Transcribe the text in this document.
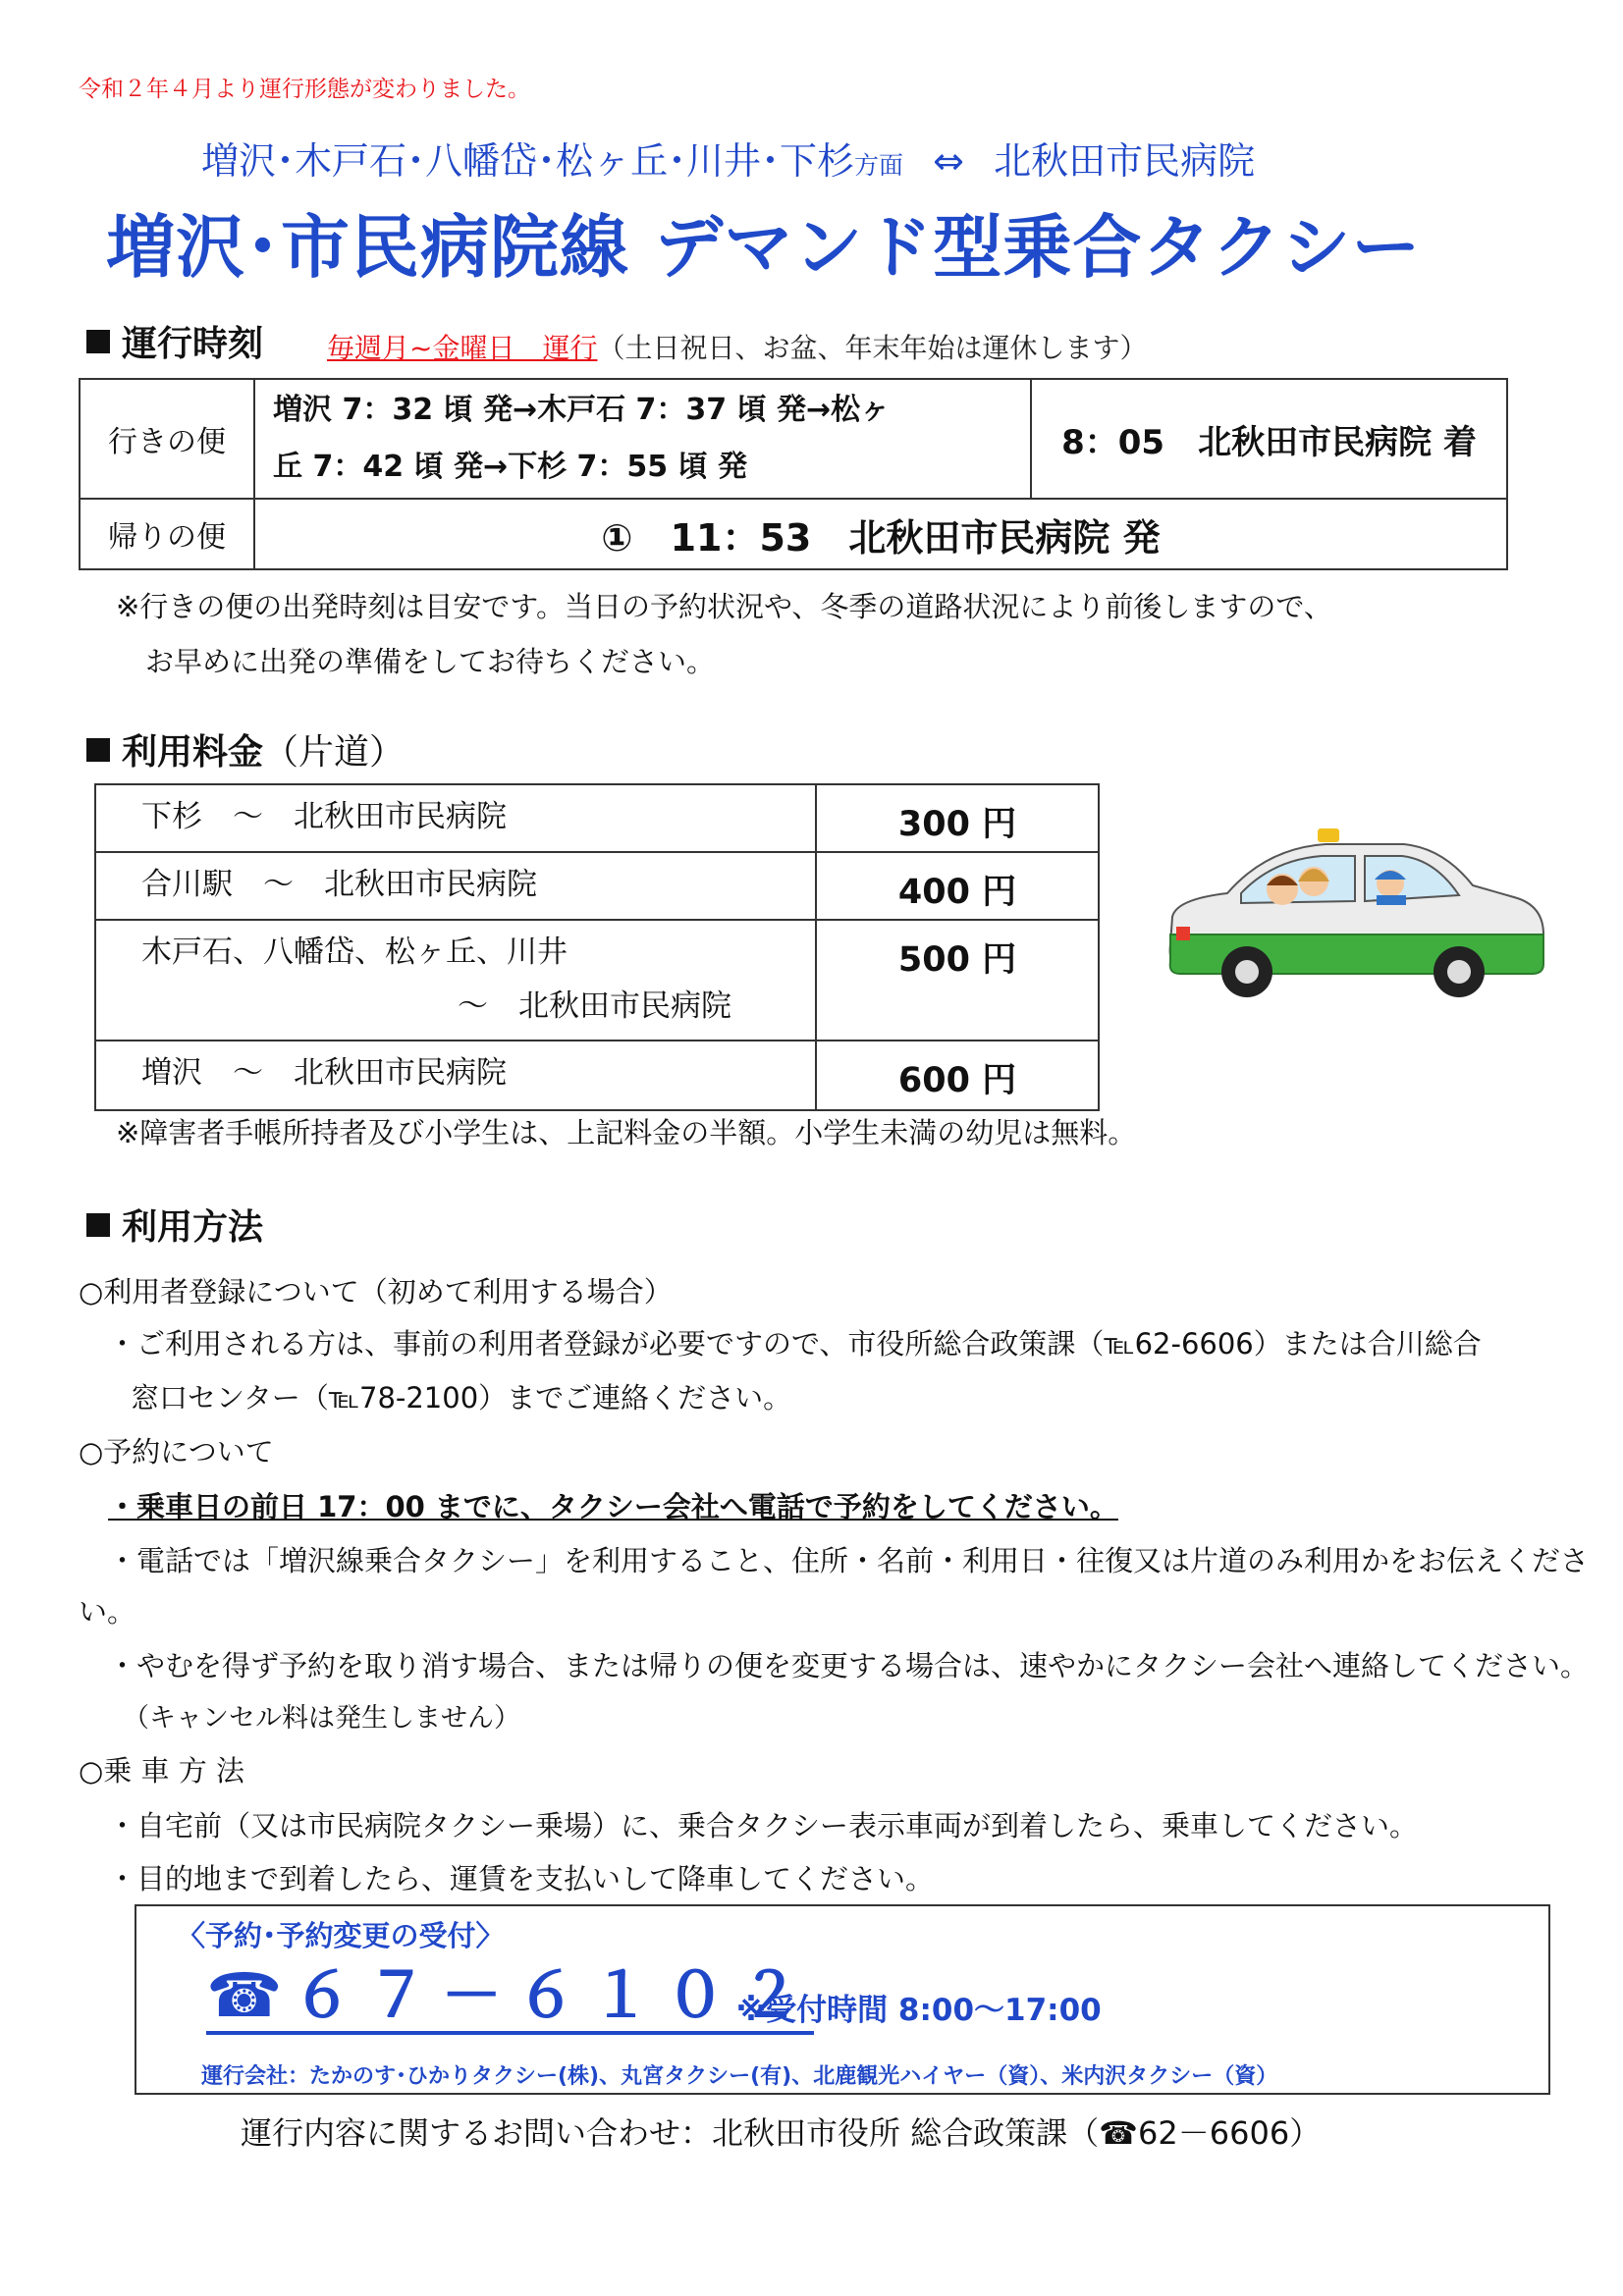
令和２年４月より運行形態が変わりました。
増沢･木戸石･八幡岱･松ヶ丘･川井･下杉方面 ⇔ 北秋田市民病院
増沢･市民病院線 デマンド型乗合タクシー
運行時刻 毎週月~金曜日　運行（土日祝日、お盆、年末年始は運休します）
行きの便	増沢 7：32 頃 発→木戸石 7：37 頃 発→松ヶ
丘 7：42 頃 発→下杉 7：55 頃 発	8：05　北秋田市民病院 着
帰りの便	①　11：53　北秋田市民病院 発	
※行きの便の出発時刻は目安です。当日の予約状況や、冬季の道路状況により前後しますので、
お早めに出発の準備をしてお待ちください。
利用料金（片道）
下杉　～　北秋田市民病院	300 円
合川駅　～　北秋田市民病院	400 円

木戸石、八幡岱、松ヶ丘、川井
～　北秋田市民病院	500 円
増沢　～　北秋田市民病院	600 円
※障害者手帳所持者及び小学生は、上記料金の半額。小学生未満の幼児は無料。
利用方法
○利用者登録について（初めて利用する場合）
・ご利用される方は、事前の利用者登録が必要ですので、市役所総合政策課（℡62-6606）または合川総合
窓口センター（℡78-2100）までご連絡ください。
○予約について
・乗車日の前日 17：00 までに、タクシー会社へ電話で予約をしてください。
・電話では「増沢線乗合タクシー」を利用すること、住所・名前・利用日・往復又は片道のみ利用かをお伝えくださ
い。
・やむを得ず予約を取り消す場合、または帰りの便を変更する場合は、速やかにタクシー会社へ連絡してください。
（キャンセル料は発生しません）
○乗 車 方 法
・自宅前（又は市民病院タクシー乗場）に、乗合タクシー表示車両が到着したら、乗車してください。
・目的地まで到着したら、運賃を支払いして降車してください。
〈予約･予約変更の受付〉
☎ ６７－６１０２
※受付時間 8:00～17:00
運行会社：たかのす･ひかりタクシー(株)、丸宮タクシー(有)、北鹿観光ハイヤー（資）、米内沢タクシー（資）
運行内容に関するお問い合わせ：北秋田市役所 総合政策課（☎62－6606）
